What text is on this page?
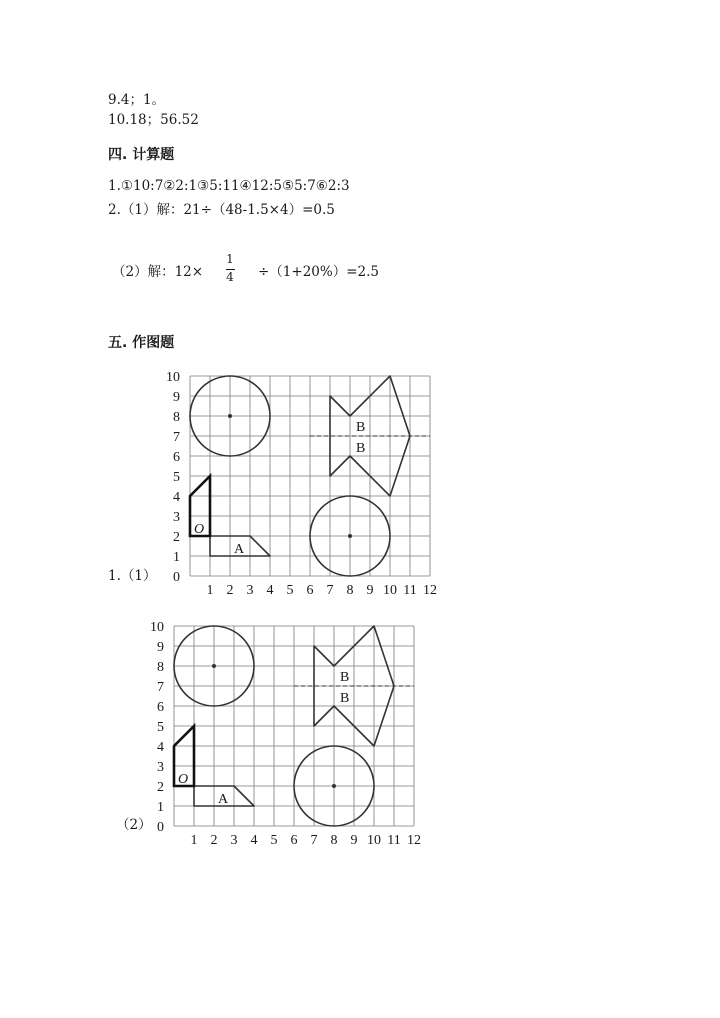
9.4；1。
10.18；56.52
四. 计算题
1.①10:7②2:1③5:11④12:5⑤5:7⑥2:3
2.（1）解：21÷（48-1.5×4）=0.5
（2）解：12×
1
4 ÷（1+20%）=2.5
五. 作图题
1.（1）
（2）
1 2 3 4 5 6 7 8 9 10 11 12
0
1
2
3
4
5
6
7
8
9
10
B
B
A
O
1 2 3 4 5 6 7 8 9 10 11 12
0
1
2
3
4
5
6
7
8
9
10
B
B
A
O
